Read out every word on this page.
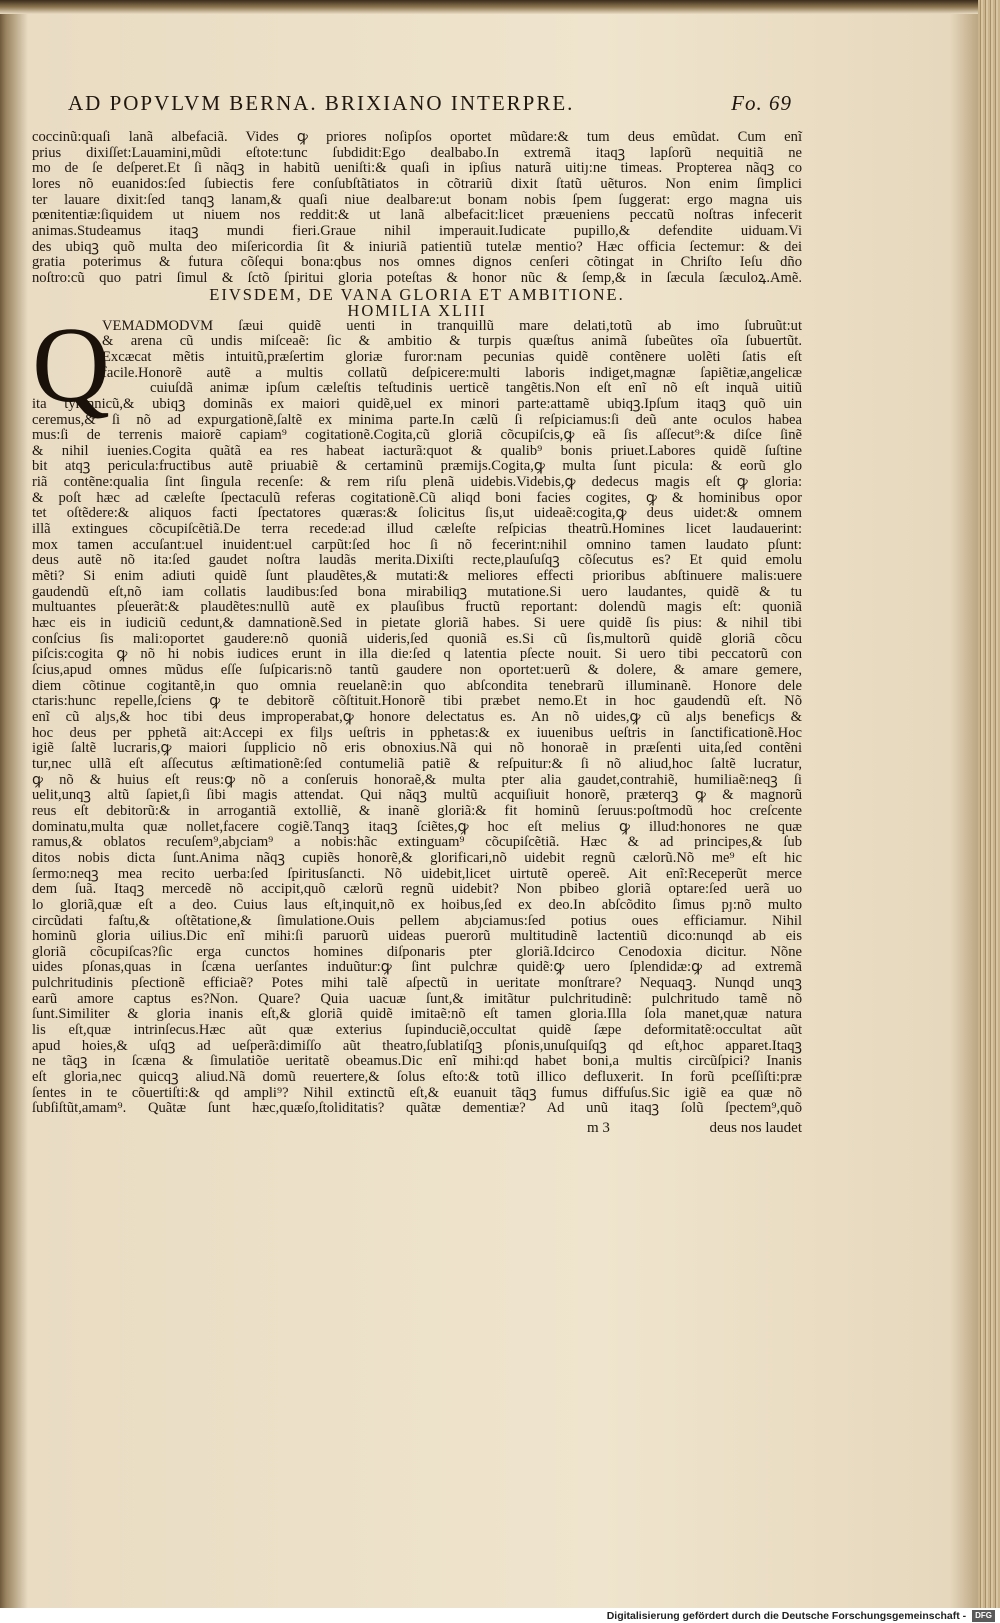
AD POPVLVM BERNA. BRIXIANO INTERPRE.	Fo. 69
coccinũ:quaſi lanã albefaciã. Vides ꝙ priores noſipſos oportet mũdare:& tum deus emũdat. Cum enĩ
prius dixiſſet:Lauamini,mũdi eſtote:tunc ſubdidit:Ego dealbabo.In extremã itaqꝫ lapſorũ nequitiã ne
mo de ſe deſperet.Et ſi nãqꝫ in habitũ ueniſti:& quaſi in ipſius naturã uitiȷ:ne timeas. Propterea nãqꝫ co
lores nõ euanidos:ſed ſubiectis fere conſubſtãtiatos in cõtrariũ dixit ſtatũ uẽturos. Non enim ſimplici
ter lauare dixit:ſed tanqꝫ lanam,& quaſi niue dealbare:ut bonam nobis ſpem ſuggerat: ergo magna uis
pœnitentiæ:ſiquidem ut niuem nos reddit:& ut lanã albefacit:licet præueniens peccatũ noſtras infecerit
animas.Studeamus itaqꝫ mundi fieri.Graue nihil imperauit.Iudicate pupillo,& defendite uiduam.Vi
des ubiqꝫ quõ multa deo miſericordia ſit & iniuriã patientiũ tutelæ mentio? Hæc officia ſectemur: & dei
gratia poterimus & futura cõſequi bona:qbus nos omnes dignos cenſeri cõtingat in Chriſto Ieſu dño
noſtro:cũ quo patri ſimul & ſctõ ſpiritui gloria poteſtas & honor nũc & ſemp,& in ſæcula ſæculoꝝ.Amẽ.
EIVSDEM, DE VANA GLORIA ET AMBITIONE.
HOMILIA XLIII
Q
VEMADMODVM ſæui quidẽ uenti in tranquillũ mare delati,totũ ab imo ſubruũt:ut
& arena cũ undis miſceaẽ: ſic & ambitio & turpis quæſtus animã ſubeũtes oĩa ſubuertũt.
Excæcat mẽtis intuitũ,præſertim gloriæ furor:nam pecunias quidẽ contẽnere uolẽti ſatis eſt
facile.Honorẽ autẽ a multis collatũ deſpicere:multi laboris indiget,magnæ ſapiẽtiæ,angelicæ
cuiuſdã animæ ipſum cæleſtis teſtudinis uerticẽ tangẽtis.Non eſt enĩ nõ eſt inquã uitiũ
ita tyrannicũ,& ubiqꝫ dominãs ex maiori quidẽ,uel ex minori parte:attamẽ ubiqꝫ.Ipſum itaqꝫ quõ uin
ceremus,& ſi nõ ad expurgationẽ,ſaltẽ ex minima parte.In cælũ ſi reſpiciamus:ſi deũ ante oculos habea
mus:ſi de terrenis maiorẽ capiam⁹ cogitationẽ.Cogita,cũ gloriã cõcupiſcis,ꝙ eã ſis aſſecut⁹:& diſce ſinẽ
& nihil iuenies.Cogita quãtã ea res habeat iacturã:quot & qualib⁹ bonis priuet.Labores quidẽ ſuſtine
bit atqꝫ pericula:fructibus autẽ priuabiẽ & certaminũ præmijs.Cogita,ꝙ multa ſunt picula: & eorũ glo
riã contẽne:qualia ſint ſingula recenſe: & rem riſu plenã uidebis.Videbis,ꝙ dedecus magis eſt ꝙ gloria:
& poſt hæc ad cæleſte ſpectaculũ referas cogitationẽ.Cũ aliqd boni facies cogites, ꝙ & hominibus opor
tet oſtẽdere:& aliquos facti ſpectatores quæras:& ſolicitus ſis,ut uideaẽ:cogita,ꝙ deus uidet:& omnem
illã extingues cõcupiſcẽtiã.De terra recede:ad illud cæleſte reſpicias theatrũ.Homines licet laudauerint:
mox tamen accuſant:uel inuident:uel carpũt:ſed hoc ſi nõ fecerint:nihil omnino tamen laudato pſunt:
deus autẽ nõ ita:ſed gaudet noſtra laudãs merita.Dixiſti recte,plauſuſqꝫ cõſecutus es? Et quid emolu
mẽti? Si enim adiuti quidẽ ſunt plaudẽtes,& mutati:& meliores effecti prioribus abſtinuere malis:uere
gaudendũ eſt,nõ iam collatis laudibus:ſed bona mirabiliqꝫ mutatione.Si uero laudantes, quidẽ & tu
multuantes pſeuerãt:& plaudẽtes:nullũ autẽ ex plauſibus fructũ reportant: dolendũ magis eſt: quoniã
hæc eis in iudiciũ cedunt,& damnationẽ.Sed in pietate gloriã habes. Si uere quidẽ ſis pius: & nihil tibi
conſcius ſis mali:oportet gaudere:nõ quoniã uideris,ſed quoniã es.Si cũ ſis,multorũ quidẽ gloriã cõcu
piſcis:cogita ꝙ nõ hi nobis iudices erunt in illa die:ſed q latentia pſecte nouit. Si uero tibi peccatorũ con
ſcius,apud omnes mũdus eſſe ſuſpicaris:nõ tantũ gaudere non oportet:uerũ & dolere, & amare gemere,
diem cõtinue cogitantẽ,in quo omnia reuelanẽ:in quo abſcondita tenebrarũ illuminanẽ. Honore dele
ctaris:hunc repelle,ſciens ꝙ te debitorẽ cõſtituit.Honorẽ tibi præbet nemo.Et in hoc gaudendũ eſt. Nõ
enĩ cũ alȷs,& hoc tibi deus improperabat,ꝙ honore delectatus es. An nõ uides,ꝙ cũ alȷs beneficȷs &
hoc deus per pphetã ait:Accepi ex filȷs ueſtris in pphetas:& ex iuuenibus ueſtris in ſanctificationẽ.Hoc
igiẽ ſaltẽ lucraris,ꝙ maiori ſupplicio nõ eris obnoxius.Nã qui nõ honoraẽ in præſenti uita,ſed contẽni
tur,nec ullã eſt aſſecutus æſtimationẽ:ſed contumeliã patiẽ & reſpuitur:& ſi nõ aliud,hoc ſaltẽ lucratur,
ꝙ nõ & huius eſt reus:ꝙ nõ a conſeruis honoraẽ,& multa pter alia gaudet,contrahiẽ, humiliaẽ:neqꝫ ſi
uelit,unqꝫ altũ ſapiet,ſi ſibi magis attendat. Qui nãqꝫ multũ acquiſiuit honorẽ, præterqꝫ ꝙ & magnorũ
reus eſt debitorũ:& in arrogantiã extolliẽ, & inanẽ gloriã:& fit hominũ ſeruus:poſtmodũ hoc creſcente
dominatu,multa quæ nollet,facere cogiẽ.Tanqꝫ itaqꝫ ſciẽtes,ꝙ hoc eſt melius ꝙ illud:honores ne quæ
ramus,& oblatos recuſem⁹,abȷciam⁹ a nobis:hãc extinguam⁹ cõcupiſcẽtiã. Hæc & ad principes,& ſub
ditos nobis dicta ſunt.Anima nãqꝫ cupiẽs honorẽ,& glorificari,nõ uidebit regnũ cælorũ.Nõ me⁹ eſt hic
ſermo:neqꝫ mea recito uerba:ſed ſpiritusſancti. Nõ uidebit,licet uirtutẽ opereẽ. Ait enĩ:Receperũt merce
dem ſuã. Itaqꝫ mercedẽ nõ accipit,quõ cælorũ regnũ uidebit? Non pbibeo gloriã optare:ſed uerã uo
lo gloriã,quæ eſt a deo. Cuius laus eſt,inquit,nõ ex hoibus,ſed ex deo.In abſcõdito ſimus pȷ:nõ multo
circũdati faſtu,& oſtẽtatione,& ſimulatione.Ouis pellem abȷciamus:ſed potius oues efficiamur. Nihil
hominũ gloria uilius.Dic enĩ mihi:ſi paruorũ uideas puerorũ multitudinẽ lactentiũ dico:nunqd ab eis
gloriã cõcupiſcas?ſic erga cunctos homines diſponaris pter gloriã.Idcirco Cenodoxia dicitur. Nõne
uides pſonas,quas in ſcæna uerſantes induũtur:ꝙ ſint pulchræ quidẽ:ꝙ uero ſplendidæ:ꝙ ad extremã
pulchritudinis pſectionẽ efficiaẽ? Potes mihi talẽ aſpectũ in ueritate monſtrare? Nequaqꝫ. Nunqd unqꝫ
earũ amore captus es?Non. Quare? Quia uacuæ ſunt,& imitãtur pulchritudinẽ: pulchritudo tamẽ nõ
ſunt.Similiter & gloria inanis eſt,& gloriã quidẽ imitaẽ:nõ eſt tamen gloria.Illa ſola manet,quæ natura
lis eſt,quæ intrinſecus.Hæc aũt quæ exterius ſupinduciẽ,occultat quidẽ ſæpe deformitatẽ:occultat aũt
apud hoies,& uſqꝫ ad ueſperã:dimiſſo aũt theatro,ſublatiſqꝫ pſonis,unuſquiſqꝫ qd eſt,hoc apparet.Itaqꝫ
ne tãqꝫ in ſcæna & ſimulatiõe ueritatẽ obeamus.Dic enĩ mihi:qd habet boni,a multis circũſpici? Inanis
eſt gloria,nec quicqꝫ aliud.Nã domũ reuertere,& ſolus eſto:& totũ illico defluxerit. In forũ pceſſiſti:præ
ſentes in te cõuertiſti:& qd ampli⁹? Nihil extinctũ eſt,& euanuit tãqꝫ fumus diffuſus.Sic igiẽ ea quæ nõ
ſubſiſtũt,amam⁹. Quãtæ ſunt hæc,quæſo,ſtoliditatis? quãtæ dementiæ? Ad unũ itaqꝫ ſolũ ſpectem⁹,quõ
m 3	deus nos laudet
Digitalisierung gefördert durch die Deutsche Forschungsgemeinschaft -	DFG
